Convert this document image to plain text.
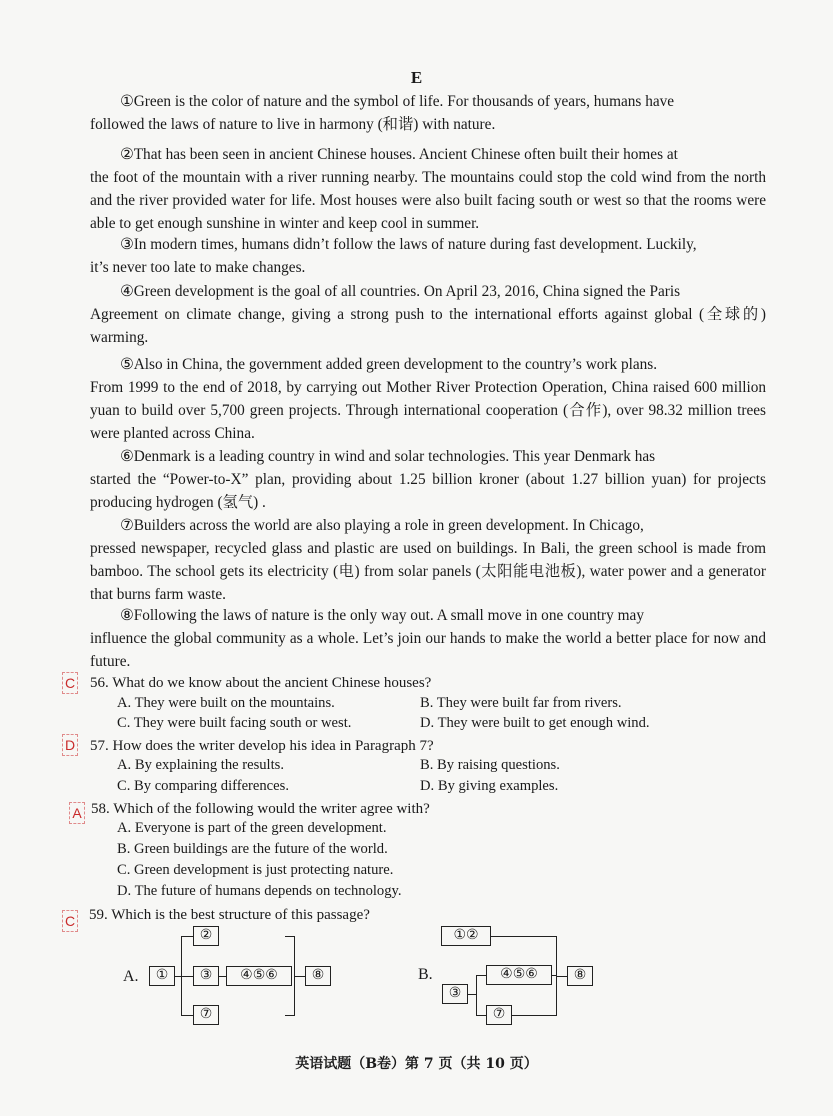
E
①Green is the color of nature and the symbol of life. For thousands of years, humans have
followed the laws of nature to live in harmony (和谐) with nature.
②That has been seen in ancient Chinese houses. Ancient Chinese often built their homes at
the foot of the mountain with a river running nearby. The mountains could stop the cold wind from the north and the river provided water for life. Most houses were also built facing south or west so that the rooms were able to get enough sunshine in winter and keep cool in summer.
③In modern times, humans didn’t follow the laws of nature during fast development. Luckily,
it’s never too late to make changes.
④Green development is the goal of all countries. On April 23, 2016, China signed the Paris
Agreement on climate change, giving a strong push to the international efforts against global (全球的) warming.
⑤Also in China, the government added green development to the country’s work plans.
From 1999 to the end of 2018, by carrying out Mother River Protection Operation, China raised 600 million yuan to build over 5,700 green projects. Through international cooperation (合作), over 98.32 million trees were planted across China.
⑥Denmark is a leading country in wind and solar technologies. This year Denmark has
started the “Power-to-X” plan, providing about 1.25 billion kroner (about 1.27 billion yuan) for projects producing hydrogen (氢气) .
⑦Builders across the world are also playing a role in green development. In Chicago,
pressed newspaper, recycled glass and plastic are used on buildings. In Bali, the green school is made from bamboo. The school gets its electricity (电) from solar panels (太阳能电池板), water power and a generator that burns farm waste.
⑧Following the laws of nature is the only way out. A small move in one country may
influence the global community as a whole. Let’s join our hands to make the world a better place for now and future.
C 56. What do we know about the ancient Chinese houses?
A. They were built on the mountains.	B. They were built far from rivers.
C. They were built facing south or west.	D. They were built to get enough wind.
D 57. How does the writer develop his idea in Paragraph 7?
A. By explaining the results.	B. By raising questions.
C. By comparing differences.	D. By giving examples.
A 58. Which of the following would the writer agree with?
A. Everyone is part of the green development.
B. Green buildings are the future of the world.
C. Green development is just protecting nature.
D. The future of humans depends on technology.
C 59. Which is the best structure of this passage?
A.	①
②
③	④⑤⑥
⑦
⑧	B.
①②
③
④⑤⑥
⑦
⑧
英语试题（B卷）第 7 页（共 10 页）
